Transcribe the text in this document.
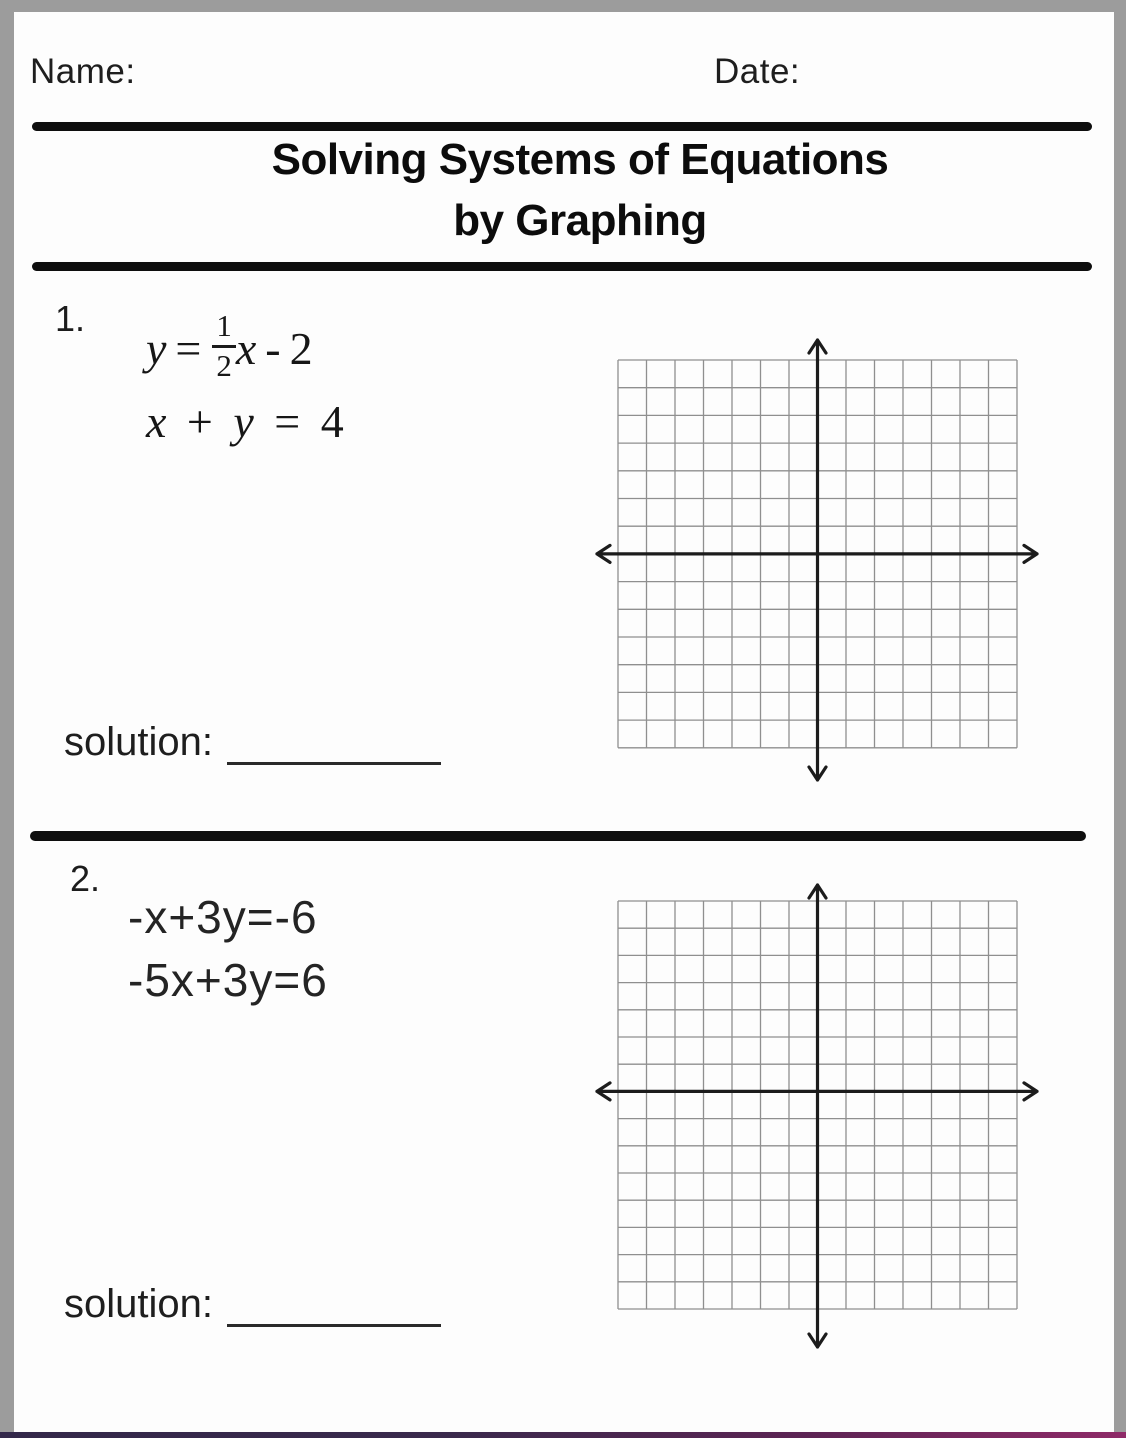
Name:	Date:
Solving Systems of Equations
by Graphing
1.
$y = \frac{1}{2}$ x - 2
x + y = 4
solution:
2.
-x+3y=-6
-5x+3y=6
solution:
